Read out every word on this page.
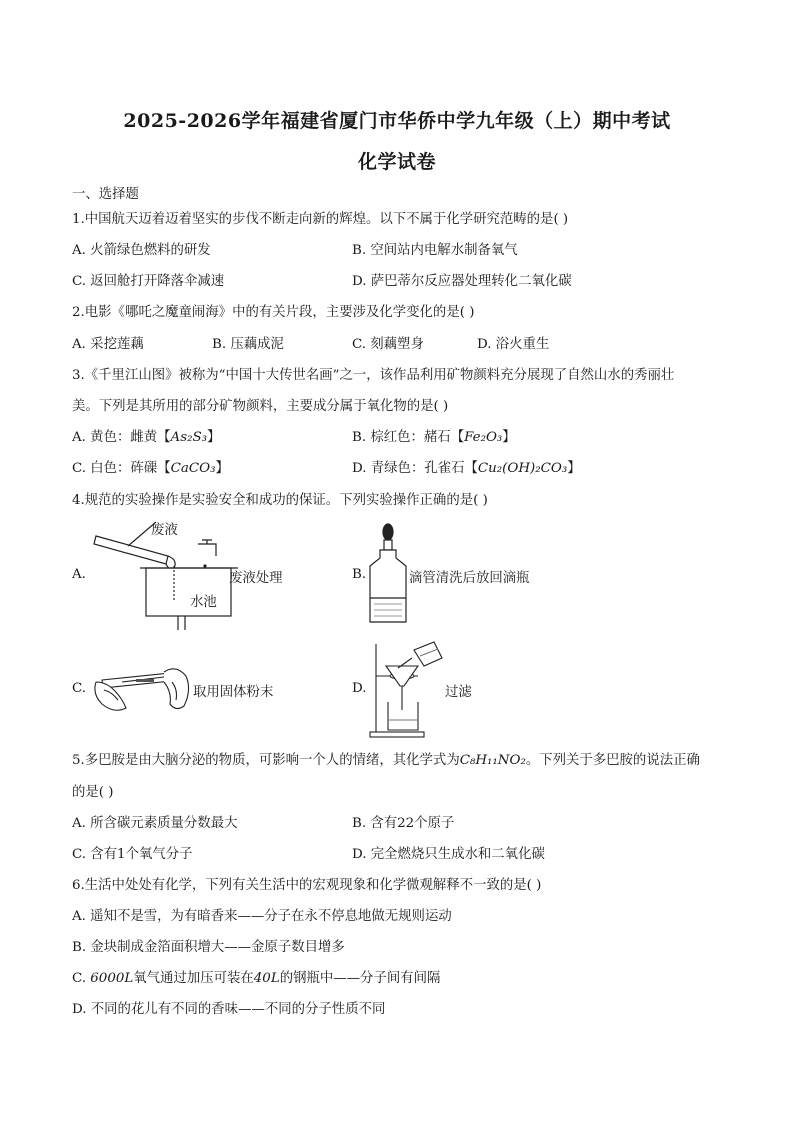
2025-2026学年福建省厦门市华侨中学九年级（上）期中考试
化学试卷
一、选择题
1.中国航天迈着迈着坚实的步伐不断走向新的辉煌。以下不属于化学研究范畴的是( )
A. 火箭绿色燃料的研发	B. 空间站内电解水制备氧气
C. 返回舱打开降落伞减速	D. 萨巴蒂尔反应器处理转化二氧化碳
2.电影《哪吒之魔童闹海》中的有关片段，主要涉及化学变化的是( )
A. 采挖莲藕	B. 压藕成泥	C. 刻藕塑身	D. 浴火重生
3.《千里江山图》被称为“中国十大传世名画”之一，该作品利用矿物颜料充分展现了自然山水的秀丽壮
美。下列是其所用的部分矿物颜料，主要成分属于氧化物的是( )
A. 黄色：雌黄【As₂S₃】	B. 棕红色：赭石【Fe₂O₃】
C. 白色：砗磲【CaCO₃】	D. 青绿色：孔雀石【Cu₂(OH)₂CO₃】
4.规范的实验操作是实验安全和成功的保证。下列实验操作正确的是( )
A.
废液
水池
废液处理	B.	滴管清洗后放回滴瓶
C.	取用固体粉末	D.	过滤
5.多巴胺是由大脑分泌的物质，可影响一个人的情绪，其化学式为C₈H₁₁NO₂。下列关于多巴胺的说法正确
的是( )
A. 所含碳元素质量分数最大	B. 含有22个原子
C. 含有1个氧气分子	D. 完全燃烧只生成水和二氧化碳
6.生活中处处有化学，下列有关生活中的宏观现象和化学微观解释不一致的是( )
A. 遥知不是雪，为有暗香来——分子在永不停息地做无规则运动
B. 金块制成金箔面积增大——金原子数目增多
C. 6000L氧气通过加压可装在40L的钢瓶中——分子间有间隔
D. 不同的花儿有不同的香味——不同的分子性质不同
